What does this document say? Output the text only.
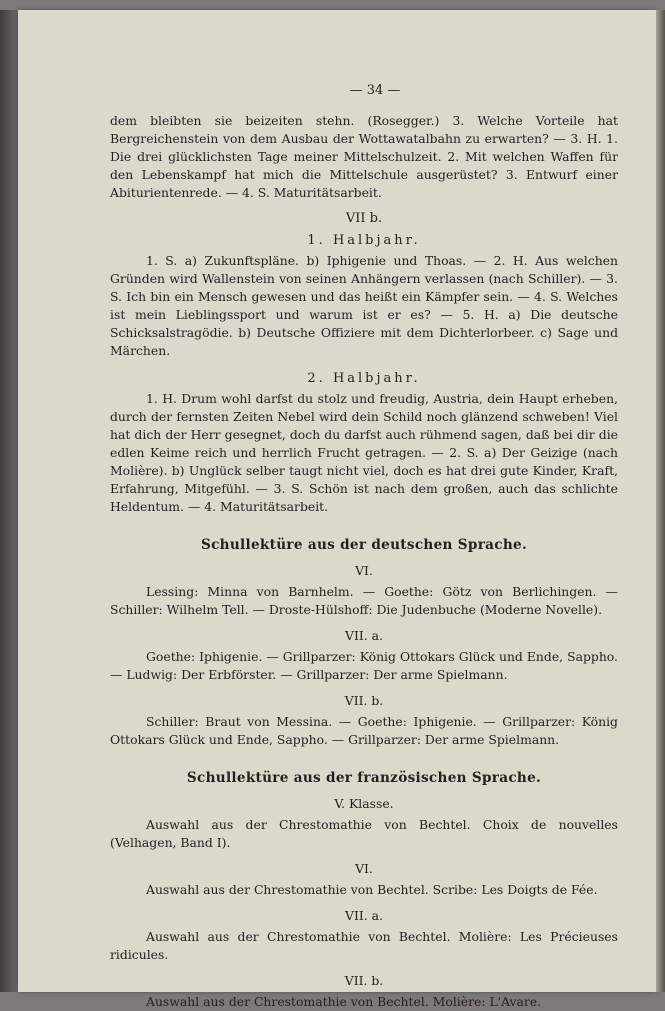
— 34 —

dem bleibten sie beizeiten stehn. (Rosegger.) 3. Welche Vorteile hat Bergreichenstein von dem Ausbau der Wottawatalbahn zu erwarten? — 3. H. 1. Die drei glücklichsten Tage meiner Mittelschulzeit. 2. Mit welchen Waffen für den Lebenskampf hat mich die Mittelschule ausgerüstet? 3. Entwurf einer Abiturientenrede. — 4. S. Maturitätsarbeit.

VII b.
1. Halbjahr.

1. S. a) Zukunftspläne. b) Iphigenie und Thoas. — 2. H. Aus welchen Gründen wird Wallenstein von seinen Anhängern verlassen (nach Schiller). — 3. S. Ich bin ein Mensch gewesen und das heißt ein Kämpfer sein. — 4. S. Welches ist mein Lieblingssport und warum ist er es? — 5. H. a) Die deutsche Schicksalstragödie. b) Deutsche Offiziere mit dem Dichterlorbeer. c) Sage und Märchen.

2. Halbjahr.

1. H. Drum wohl darfst du stolz und freudig, Austria, dein Haupt erheben, durch der fernsten Zeiten Nebel wird dein Schild noch glänzend schweben! Viel hat dich der Herr gesegnet, doch du darfst auch rühmend sagen, daß bei dir die edlen Keime reich und herrlich Frucht getragen. — 2. S. a) Der Geizige (nach Molière). b) Unglück selber taugt nicht viel, doch es hat drei gute Kinder, Kraft, Erfahrung, Mitgefühl. — 3. S. Schön ist nach dem großen, auch das schlichte Heldentum. — 4. Maturitätsarbeit.

Schullektüre aus der deutschen Sprache.
VI.

Lessing: Minna von Barnhelm. — Goethe: Götz von Berlichingen. — Schiller: Wilhelm Tell. — Droste-Hülshoff: Die Judenbuche (Moderne Novelle).

VII. a.

Goethe: Iphigenie. — Grillparzer: König Ottokars Glück und Ende, Sappho. — Ludwig: Der Erbförster. — Grillparzer: Der arme Spielmann.

VII. b.

Schiller: Braut von Messina. — Goethe: Iphigenie. — Grillparzer: König Ottokars Glück und Ende, Sappho. — Grillparzer: Der arme Spielmann.

Schullektüre aus der französischen Sprache.
V. Klasse.

Auswahl aus der Chrestomathie von Bechtel. Choix de nouvelles (Velhagen, Band I).

VI.

Auswahl aus der Chrestomathie von Bechtel. Scribe: Les Doigts de Fée.

VII. a.

Auswahl aus der Chrestomathie von Bechtel. Molière: Les Précieuses ridicules.

VII. b.

Auswahl aus der Chrestomathie von Bechtel. Molière: L'Avare.
